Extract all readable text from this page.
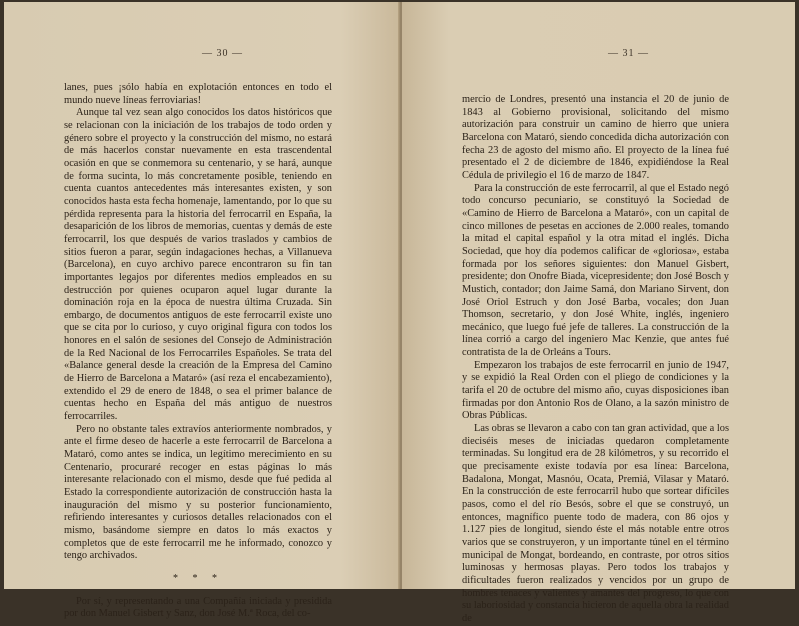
— 30 —

lanes, pues ¡sólo había en explotación entonces en todo el mundo nueve líneas ferroviarias!

Aunque tal vez sean algo conocidos los datos históricos que se relacionan con la iniciación de los trabajos de todo orden y género sobre el proyecto y la construcción del mismo, no estará de más hacerlos constar nuevamente en esta trascendental ocasión en que se conmemora su centenario, y se hará, aunque de forma sucinta, lo más concretamente posible, teniendo en cuenta cuantos antecedentes más interesantes existen, y son conocidos hasta esta fecha homenaje, lamentando, por lo que su pérdida representa para la historia del ferrocarril en España, la desaparición de los libros de memorias, cuentas y demás de este ferrocarril, los que después de varios traslados y cambios de sitios fueron a parar, según indagaciones hechas, a Villanueva (Barcelona), en cuyo archivo parece encontraron su fin tan importantes legajos por diferentes medios empleados en su destrucción por quienes ocuparon aquel lugar durante la dominación roja en la época de nuestra última Cruzada. Sin embargo, de documentos antiguos de este ferrocarril existe uno que se cita por lo curioso, y cuyo original figura con todos los honores en el salón de sesiones del Consejo de Administración de la Red Nacional de los Ferrocarriles Españoles. Se trata del «Balance general desde la creación de la Empresa del Camino de Hierro de Barcelona a Mataró» (así reza el encabezamiento), extendido el 29 de enero de 1848, o sea el primer balance de cuentas hecho en España del más antiguo de nuestros ferrocarriles.

Pero no obstante tales extravíos anteriormente nombrados, y ante el firme deseo de hacerle a este ferrocarril de Barcelona a Mataró, como antes se indica, un legítimo merecimiento en su Centenario, procuraré recoger en estas páginas lo más interesante relacionado con el mismo, desde que fué pedida al Estado la correspondiente autorización de construcción hasta la inauguración del mismo y su posterior funcionamiento, refiriendo interesantes y curiosos detalles relacionados con el mismo, basándome siempre en datos lo más exactos y completos que de este ferrocarril me he informado, conozco y tengo archivados.

* * *

Por sí, y representando a una Compañía iniciada y presidida por don Manuel Gisbert y Sanz, don José M.ª Roca, del co-

— 31 —

mercio de Londres, presentó una instancia el 20 de junio de 1843 al Gobierno provisional, solicitando del mismo autorización para construir un camino de hierro que uniera Barcelona con Mataró, siendo concedida dicha autorización con fecha 23 de agosto del mismo año. El proyecto de la línea fué presentado el 2 de diciembre de 1846, expidiéndose la Real Cédula de privilegio el 16 de marzo de 1847.

Para la construcción de este ferrocarril, al que el Estado negó todo concurso pecuniario, se constituyó la Sociedad de «Camino de Hierro de Barcelona a Mataró», con un capital de cinco millones de pesetas en acciones de 2.000 reales, tomando la mitad el capital español y la otra mitad el inglés. Dicha Sociedad, que hoy día podemos calificar de «gloriosa», estaba formada por los señores siguientes: don Manuel Gisbert, presidente; don Onofre Biada, vicepresidente; don José Bosch y Mustich, contador; don Jaime Samá, don Mariano Sirvent, don José Oriol Estruch y don José Barba, vocales; don Juan Thomson, secretario, y don José White, inglés, ingeniero mecánico, que luego fué jefe de talleres. La construcción de la línea corrió a cargo del ingeniero Mac Kenzie, que antes fué contratista de la de Orleáns a Tours.

Empezaron los trabajos de este ferrocarril en junio de 1947, y se expidió la Real Orden con el pliego de condiciones y la tarifa el 20 de octubre del mismo año, cuyas disposiciones iban firmadas por don Antonio Ros de Olano, a la sazón ministro de Obras Públicas.

Las obras se llevaron a cabo con tan gran actividad, que a los dieciséis meses de iniciadas quedaron completamente terminadas. Su longitud era de 28 kilómetros, y su recorrido el que precisamente existe todavía por esa línea: Barcelona, Badalona, Mongat, Masnóu, Ocata, Premiá, Vilasar y Mataró. En la construcción de este ferrocarril hubo que sortear difíciles pasos, como el del río Besós, sobre el que se construyó, un entonces, magnífico puente todo de madera, con 86 ojos y 1.127 pies de longitud, siendo éste el más notable entre otros varios que se construyeron, y un importante túnel en el término municipal de Mongat, bordeando, en contraste, por otros sitios luminosas y hermosas playas. Pero todos los trabajos y dificultades fueron realizados y vencidos por un grupo de hombres tenaces y valientes y amantes del progreso, lo que con su laboriosidad y constancia hicieron de aquella obra la realidad de
